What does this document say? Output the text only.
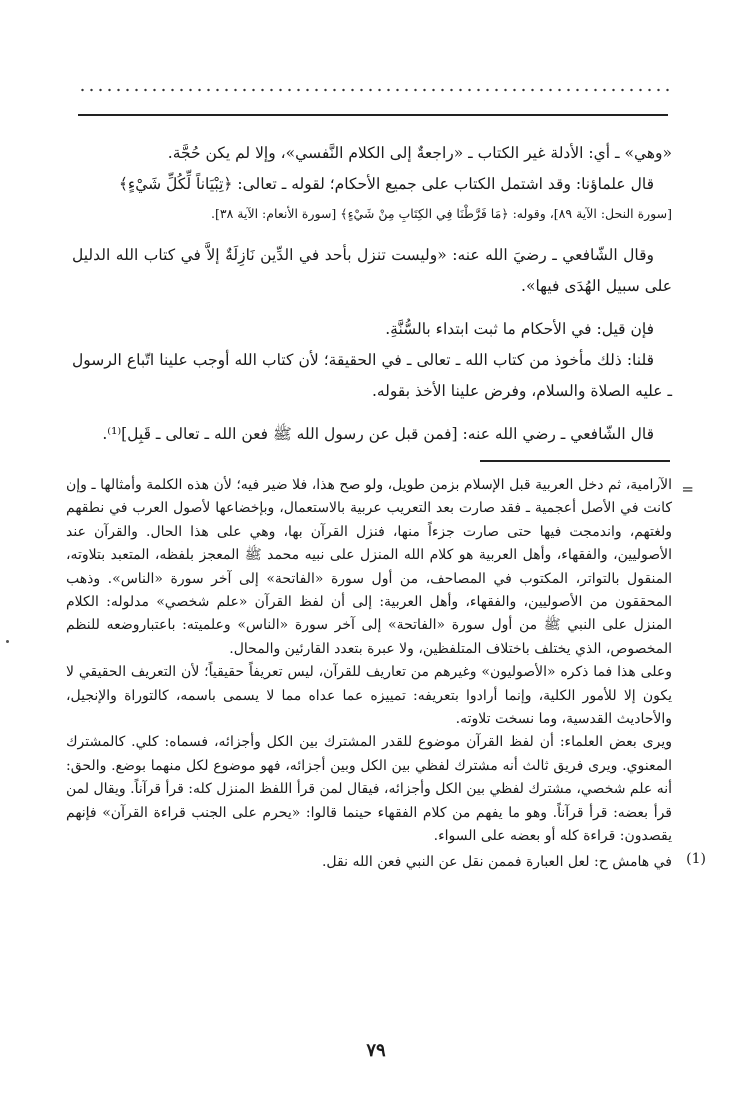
«وهي» ـ أي: الأدلة غير الكتاب ـ «راجعةٌ إلى الكلام النَّفسي»، وإلا لم يكن حُجَّة.

قال علماؤنا: وقد اشتمل الكتاب على جميع الأحكام؛ لقوله ـ تعالى: ﴿تِبْيَاناً لِّكُلِّ شَيْءٍ﴾

[سورة النحل: الآية ٨٩]، وقوله: ﴿مَا فَرَّطْنَا فِي الكِتَابِ مِنْ شَيْءٍ﴾ [سورة الأنعام: الآية ٣٨].

وقال الشّافعي ـ رضيَ الله عنه: «وليست تنزل بأحد في الدِّين نَازِلَةٌ إلاَّ في كتاب الله الدليل على سبيل الهُدَى فيها».

فإن قيل: في الأحكام ما ثبت ابتداء بالسُّنَّةِ.

قلنا: ذلك مأخوذ من كتاب الله ـ تعالى ـ في الحقيقة؛ لأن كتاب الله أوجب علينا اتّباع الرسول ـ عليه الصلاة والسلام، وفرض علينا الأخذ بقوله.

قال الشّافعي ـ رضي الله عنه: [فمن قبل عن رسول الله ﷺ فعن الله ـ تعالى ـ قَبِل]⁽¹⁾.

=

الآرامية، ثم دخل العربية قبل الإسلام بزمن طويل، ولو صح هذا، فلا ضير فيه؛ لأن هذه الكلمة وأمثالها ـ وإن كانت في الأصل أعجمية ـ فقد صارت بعد التعريب عربية بالاستعمال، وبإخضاعها لأصول العرب في نطقهم ولغتهم، واندمجت فيها حتى صارت جزءاً منها، فنزل القرآن بها، وهي على هذا الحال. والقرآن عند الأصوليين، والفقهاء، وأهل العربية هو كلام الله المنزل على نبيه محمد ﷺ المعجز بلفظه، المتعبد بتلاوته، المنقول بالتواتر، المكتوب في المصاحف، من أول سورة «الفاتحة» إلى آخر سورة «الناس». وذهب المحققون من الأصوليين، والفقهاء، وأهل العربية: إلى أن لفظ القرآن «علم شخصي» مدلوله: الكلام المنزل على النبي ﷺ من أول سورة «الفاتحة» إلى آخر سورة «الناس» وعلميته: باعتباروضعه للنظم المخصوص، الذي يختلف باختلاف المتلفظين، ولا عبرة بتعدد القارئين والمحال.

وعلى هذا فما ذكره «الأصوليون» وغيرهم من تعاريف للقرآن، ليس تعريفاً حقيقياً؛ لأن التعريف الحقيقي لا يكون إلا للأمور الكلية، وإنما أرادوا بتعريفه: تمييزه عما عداه مما لا يسمى باسمه، كالتوراة والإنجيل، والأحاديث القدسية، وما نسخت تلاوته.

ويرى بعض العلماء: أن لفظ القرآن موضوع للقدر المشترك بين الكل وأجزائه، فسماه: كلي. كالمشترك المعنوي. ويرى فريق ثالث أنه مشترك لفظي بين الكل وبين أجزائه، فهو موضوع لكل منهما بوضع. والحق: أنه علم شخصي، مشترك لفظي بين الكل وأجزائه، فيقال لمن قرأ اللفظ المنزل كله: قرأ قرآناً. ويقال لمن قرأ بعضه: قرأ قرآناً. وهو ما يفهم من كلام الفقهاء حينما قالوا: «يحرم على الجنب قراءة القرآن» فإنهم يقصدون: قراءة كله أو بعضه على السواء.

(1)

في هامش ح: لعل العبارة فممن نقل عن النبي فعن الله نقل.

٧٩
